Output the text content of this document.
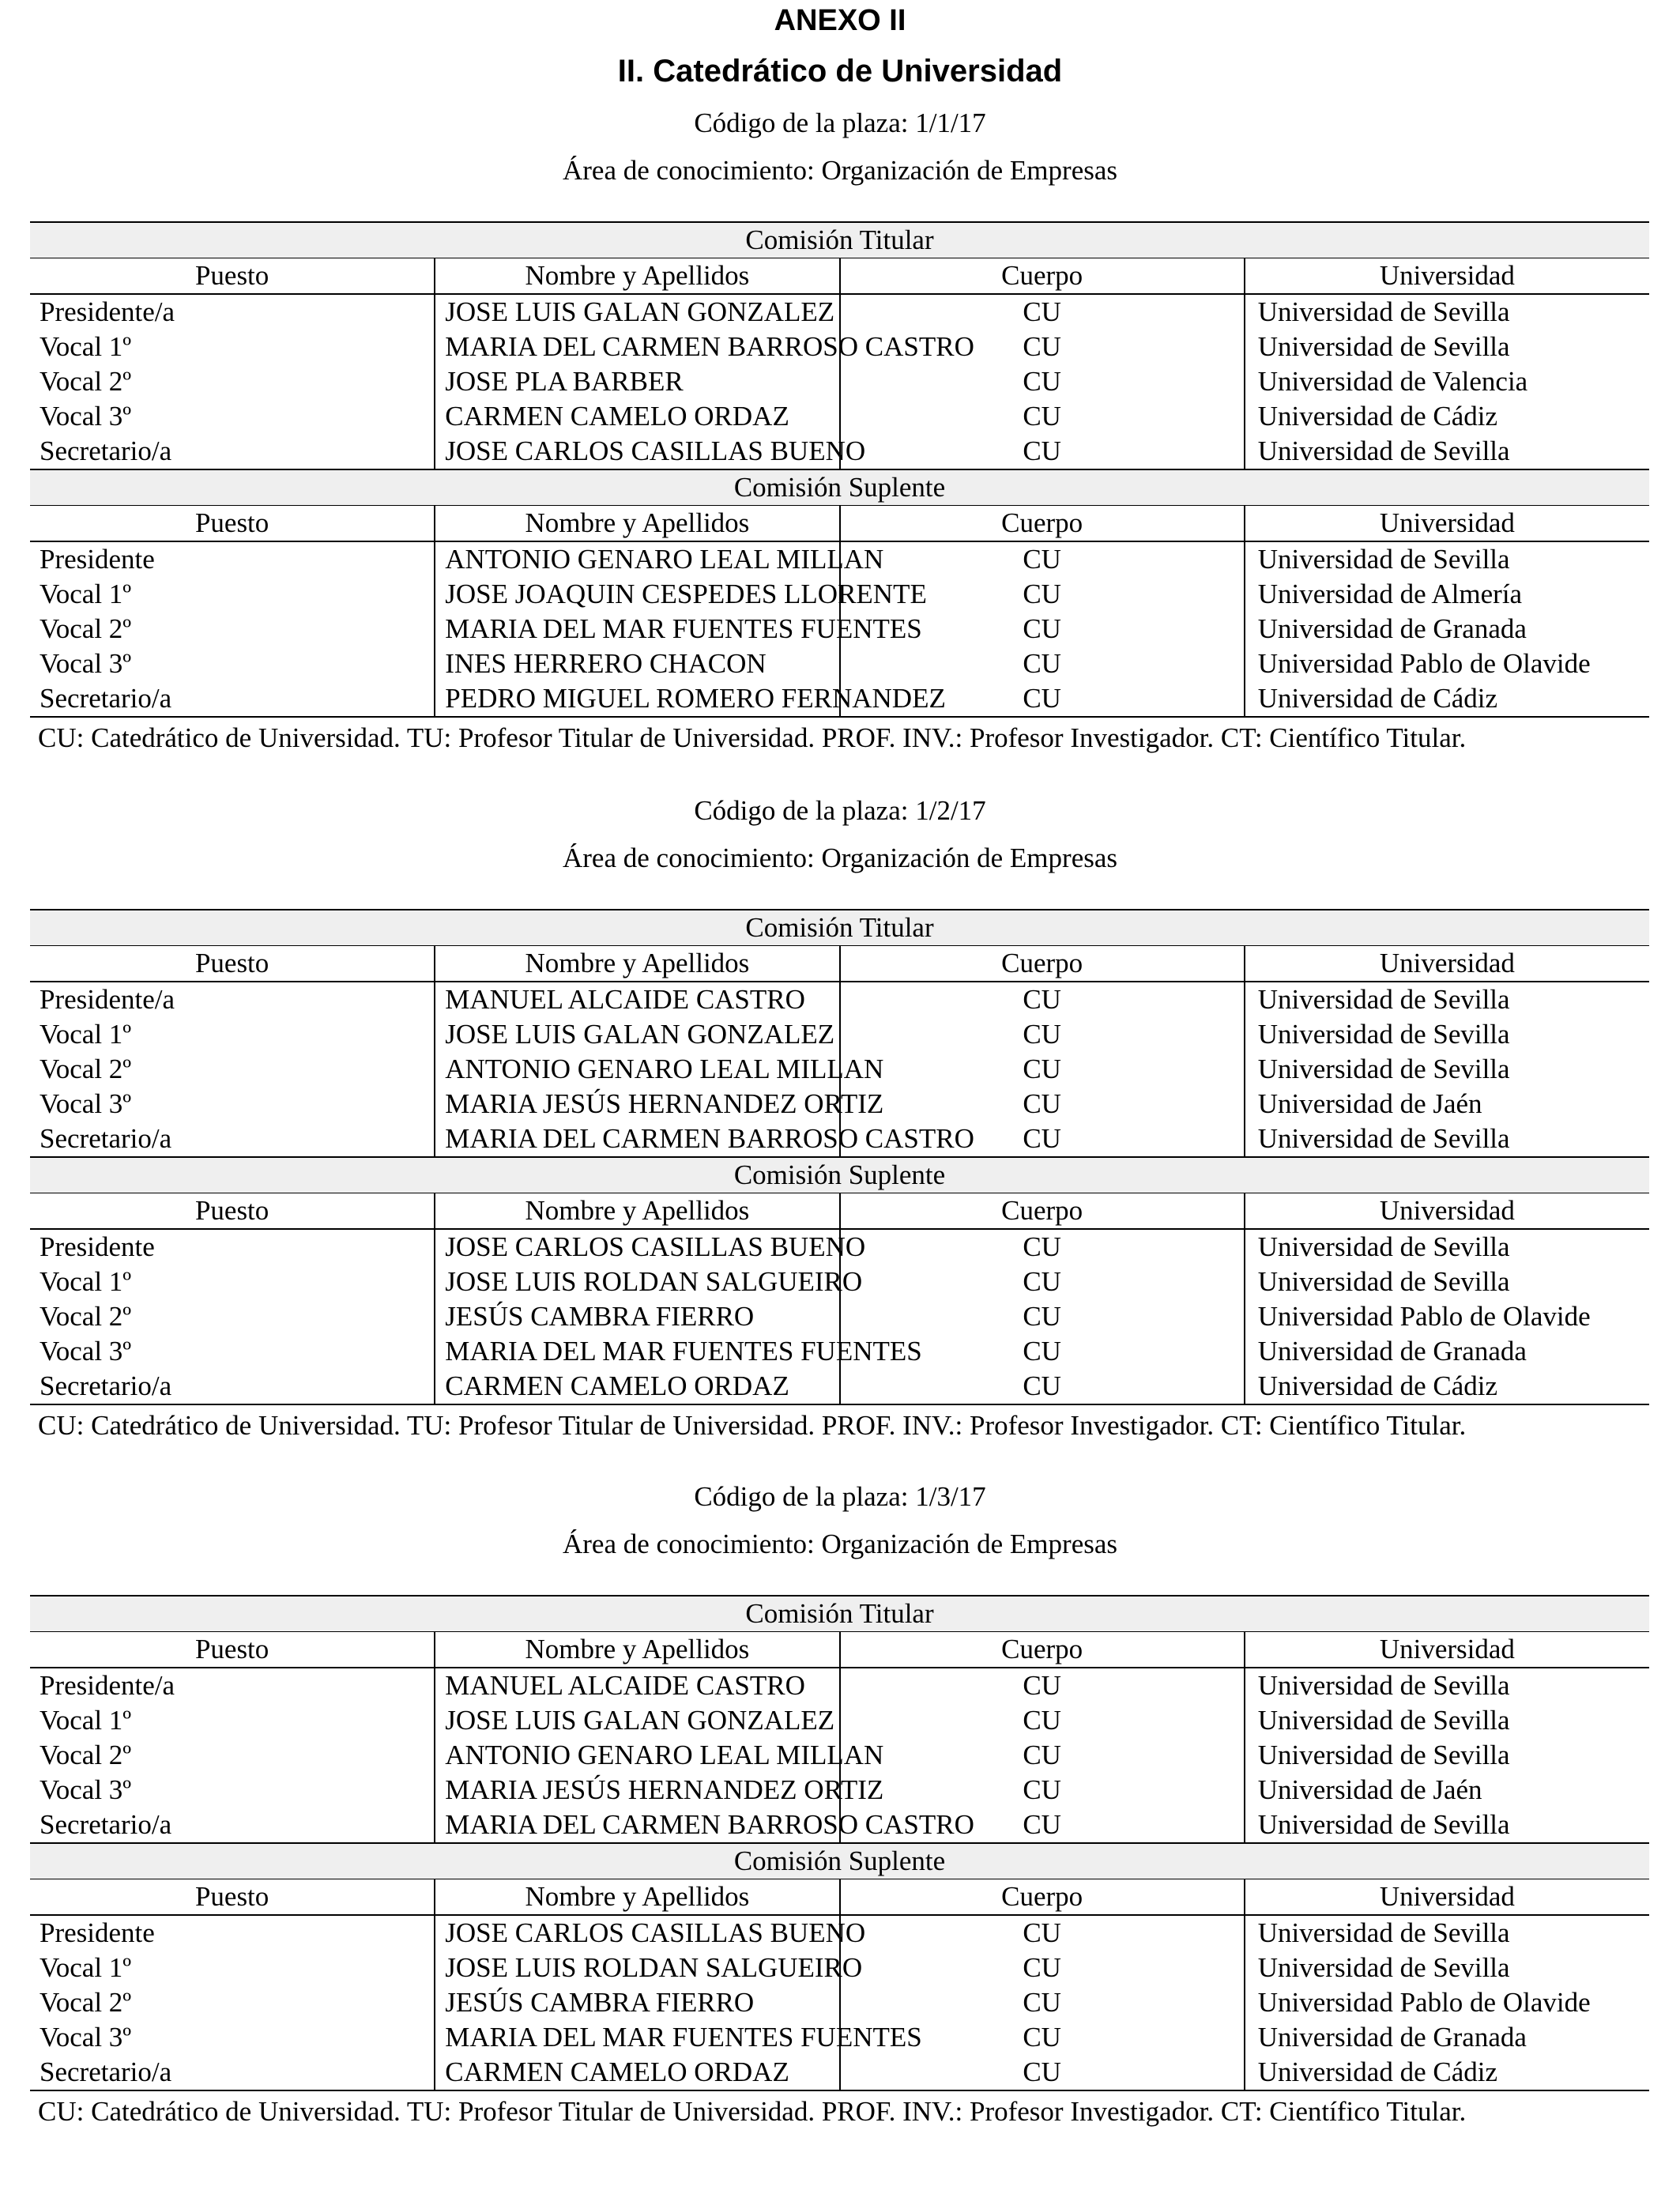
ANEXO II
II. Catedrático de Universidad
Código de la plaza: 1/1/17
Área de conocimiento: Organización de Empresas
Comisión Titular			
Puesto	Nombre y Apellidos	Cuerpo	Universidad
Presidente/a	JOSE LUIS GALAN GONZALEZ	CU	Universidad de Sevilla
Vocal 1º	MARIA DEL CARMEN BARROSO CASTRO	CU	Universidad de Sevilla
Vocal 2º	JOSE PLA BARBER	CU	Universidad de Valencia
Vocal 3º	CARMEN CAMELO ORDAZ	CU	Universidad de Cádiz
Secretario/a	JOSE CARLOS CASILLAS BUENO	CU	Universidad de Sevilla
Comisión Suplente			
Puesto	Nombre y Apellidos	Cuerpo	Universidad
Presidente	ANTONIO GENARO LEAL MILLAN	CU	Universidad de Sevilla
Vocal 1º	JOSE JOAQUIN CESPEDES LLORENTE	CU	Universidad de Almería
Vocal 2º	MARIA DEL MAR FUENTES FUENTES	CU	Universidad de Granada
Vocal 3º	INES HERRERO CHACON	CU	Universidad Pablo de Olavide
Secretario/a	PEDRO MIGUEL ROMERO FERNANDEZ	CU	Universidad de Cádiz
CU: Catedrático de Universidad. TU: Profesor Titular de Universidad. PROF. INV.: Profesor Investigador. CT: Científico Titular.
Código de la plaza: 1/2/17
Área de conocimiento: Organización de Empresas
Comisión Titular			
Puesto	Nombre y Apellidos	Cuerpo	Universidad
Presidente/a	MANUEL ALCAIDE CASTRO	CU	Universidad de Sevilla
Vocal 1º	JOSE LUIS GALAN GONZALEZ	CU	Universidad de Sevilla
Vocal 2º	ANTONIO GENARO LEAL MILLAN	CU	Universidad de Sevilla
Vocal 3º	MARIA JESÚS HERNANDEZ ORTIZ	CU	Universidad de Jaén
Secretario/a	MARIA DEL CARMEN BARROSO CASTRO	CU	Universidad de Sevilla
Comisión Suplente			
Puesto	Nombre y Apellidos	Cuerpo	Universidad
Presidente	JOSE CARLOS CASILLAS BUENO	CU	Universidad de Sevilla
Vocal 1º	JOSE LUIS ROLDAN SALGUEIRO	CU	Universidad de Sevilla
Vocal 2º	JESÚS CAMBRA FIERRO	CU	Universidad Pablo de Olavide
Vocal 3º	MARIA DEL MAR FUENTES FUENTES	CU	Universidad de Granada
Secretario/a	CARMEN CAMELO ORDAZ	CU	Universidad de Cádiz
CU: Catedrático de Universidad. TU: Profesor Titular de Universidad. PROF. INV.: Profesor Investigador. CT: Científico Titular.
Código de la plaza: 1/3/17
Área de conocimiento: Organización de Empresas
Comisión Titular			
Puesto	Nombre y Apellidos	Cuerpo	Universidad
Presidente/a	MANUEL ALCAIDE CASTRO	CU	Universidad de Sevilla
Vocal 1º	JOSE LUIS GALAN GONZALEZ	CU	Universidad de Sevilla
Vocal 2º	ANTONIO GENARO LEAL MILLAN	CU	Universidad de Sevilla
Vocal 3º	MARIA JESÚS HERNANDEZ ORTIZ	CU	Universidad de Jaén
Secretario/a	MARIA DEL CARMEN BARROSO CASTRO	CU	Universidad de Sevilla
Comisión Suplente			
Puesto	Nombre y Apellidos	Cuerpo	Universidad
Presidente	JOSE CARLOS CASILLAS BUENO	CU	Universidad de Sevilla
Vocal 1º	JOSE LUIS ROLDAN SALGUEIRO	CU	Universidad de Sevilla
Vocal 2º	JESÚS CAMBRA FIERRO	CU	Universidad Pablo de Olavide
Vocal 3º	MARIA DEL MAR FUENTES FUENTES	CU	Universidad de Granada
Secretario/a	CARMEN CAMELO ORDAZ	CU	Universidad de Cádiz
CU: Catedrático de Universidad. TU: Profesor Titular de Universidad. PROF. INV.: Profesor Investigador. CT: Científico Titular.
